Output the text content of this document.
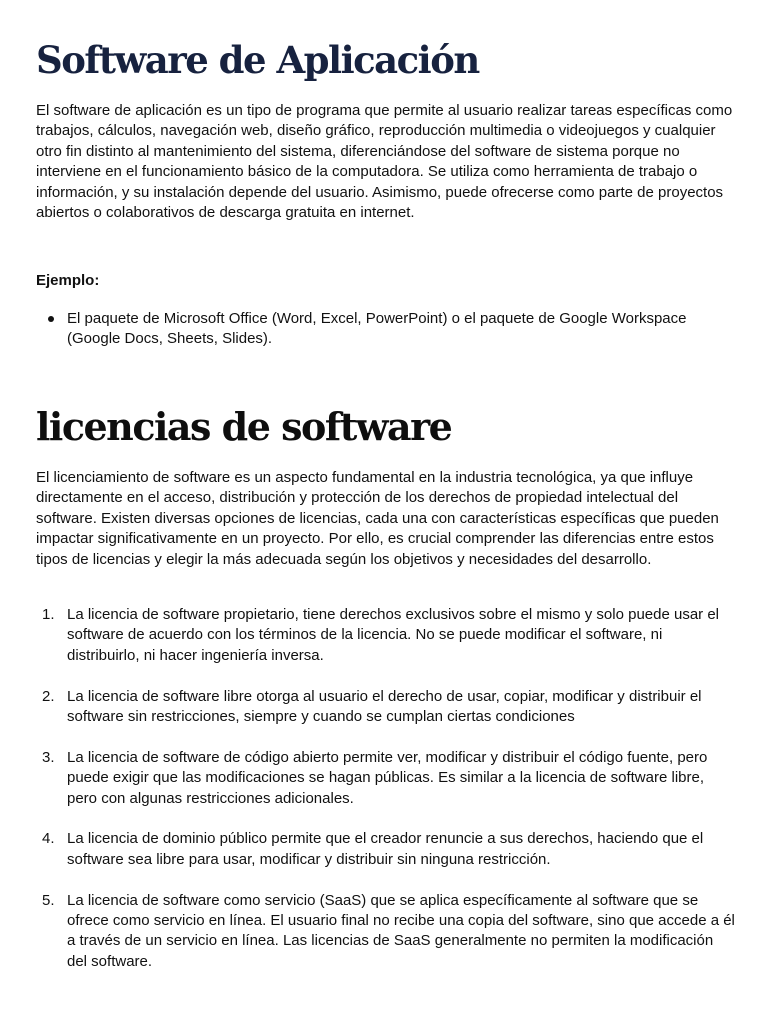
Software de Aplicación

El software de aplicación es un tipo de programa que permite al usuario realizar tareas específicas como trabajos, cálculos, navegación web, diseño gráfico, reproducción multimedia o videojuegos y cualquier otro fin distinto al mantenimiento del sistema, diferenciándose del software de sistema porque no interviene en el funcionamiento básico de la computadora. Se utiliza como herramienta de trabajo o información, y su instalación depende del usuario. Asimismo, puede ofrecerse como parte de proyectos abiertos o colaborativos de descarga gratuita en internet.

Ejemplo:
El paquete de Microsoft Office (Word, Excel, PowerPoint) o el paquete de Google Workspace (Google Docs, Sheets, Slides).
licencias de software

El licenciamiento de software es un aspecto fundamental en la industria tecnológica, ya que influye directamente en el acceso, distribución y protección de los derechos de propiedad intelectual del software. Existen diversas opciones de licencias, cada una con características específicas que pueden impactar significativamente en un proyecto. Por ello, es crucial comprender las diferencias entre estos tipos de licencias y elegir la más adecuada según los objetivos y necesidades del desarrollo.

1. La licencia de software propietario, tiene derechos exclusivos sobre el mismo y solo puede usar el software de acuerdo con los términos de la licencia. No se puede modificar el software, ni distribuirlo, ni hacer ingeniería inversa.
2. La licencia de software libre otorga al usuario el derecho de usar, copiar, modificar y distribuir el software sin restricciones, siempre y cuando se cumplan ciertas condiciones
3. La licencia de software de código abierto permite ver, modificar y distribuir el código fuente, pero puede exigir que las modificaciones se hagan públicas. Es similar a la licencia de software libre, pero con algunas restricciones adicionales.
4. La licencia de dominio público permite que el creador renuncie a sus derechos, haciendo que el software sea libre para usar, modificar y distribuir sin ninguna restricción.
5. La licencia de software como servicio (SaaS) que se aplica específicamente al software que se ofrece como servicio en línea. El usuario final no recibe una copia del software, sino que accede a él a través de un servicio en línea. Las licencias de SaaS generalmente no permiten la modificación del software.
